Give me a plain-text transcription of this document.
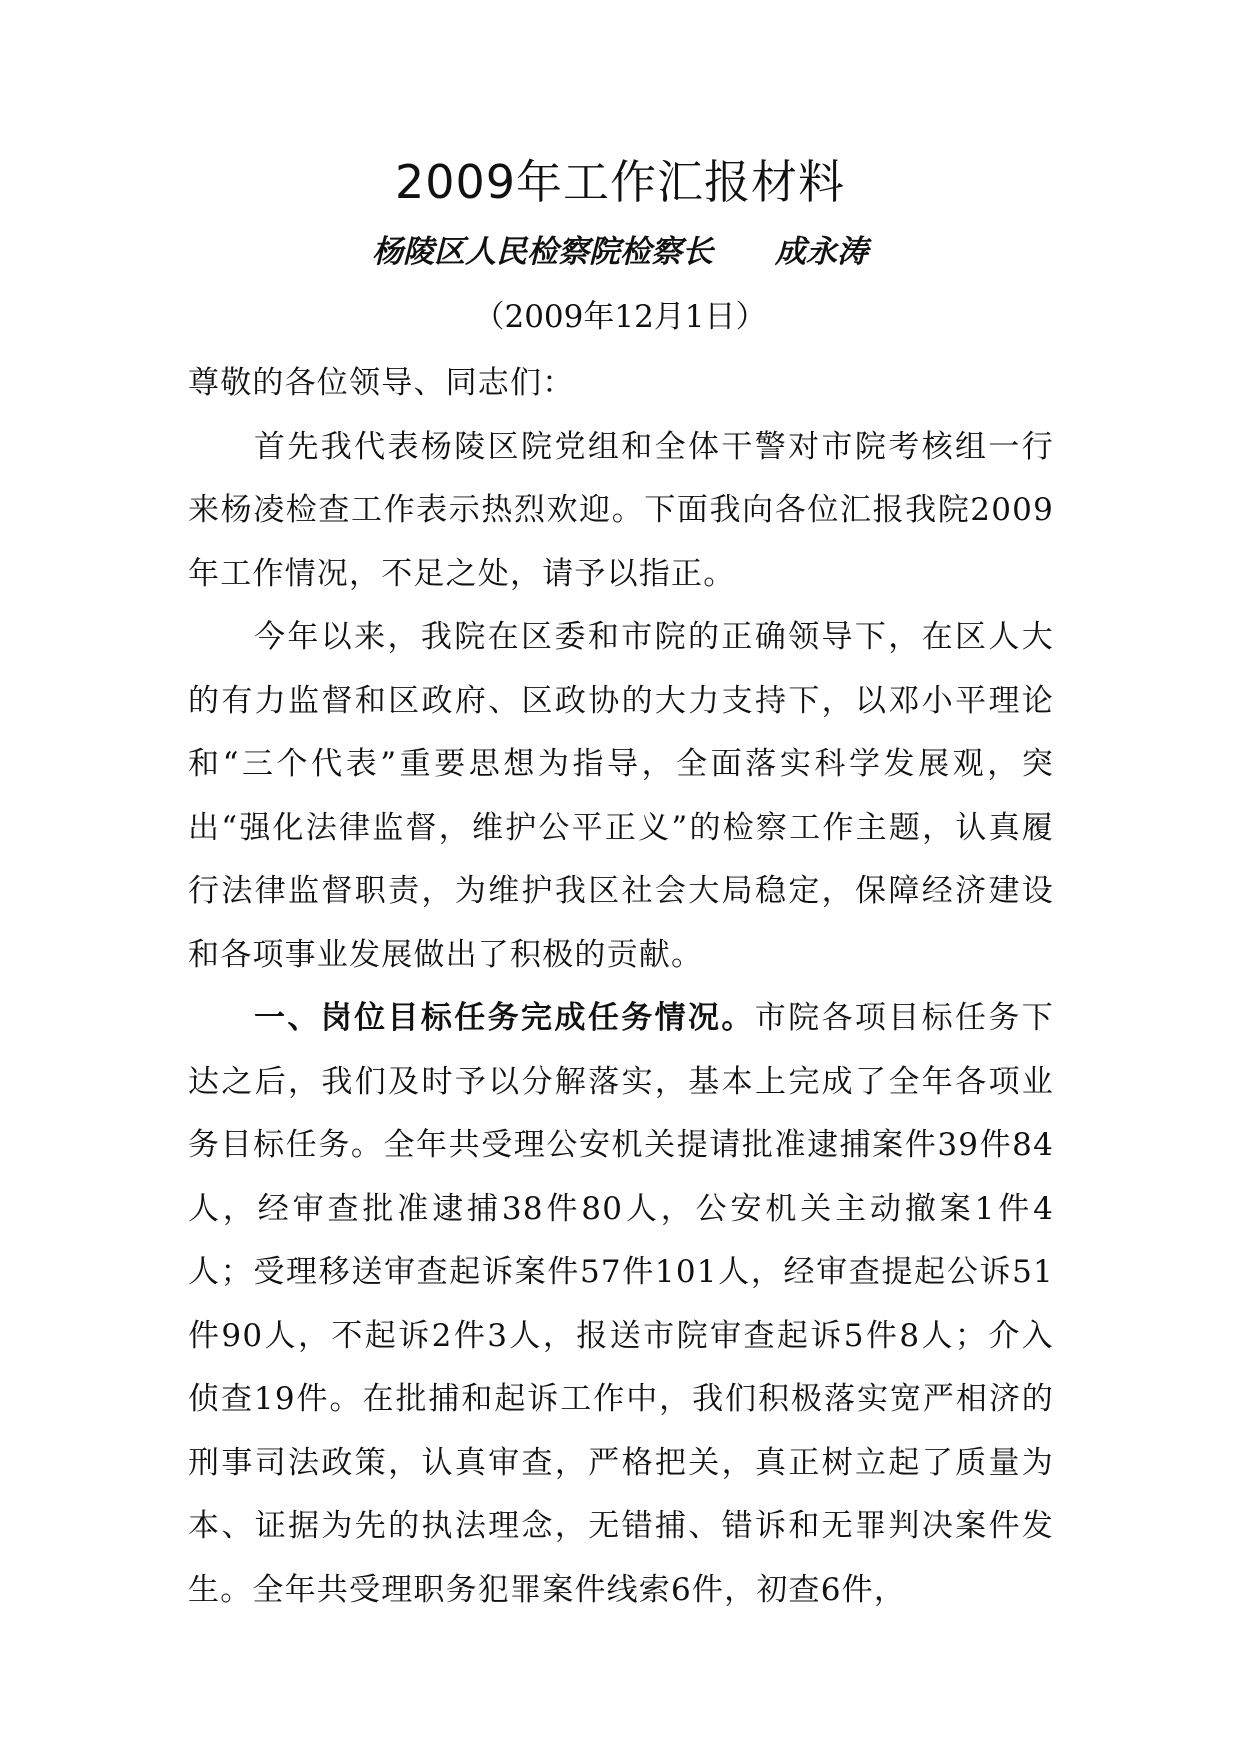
2009年工作汇报材料
杨陵区人民检察院检察长 成永涛
（2009年12月1日）

尊敬的各位领导、同志们：

首先我代表杨陵区院党组和全体干警对市院考核组一行来杨凌检查工作表示热烈欢迎。下面我向各位汇报我院2009年工作情况，不足之处，请予以指正。

今年以来，我院在区委和市院的正确领导下，在区人大的有力监督和区政府、区政协的大力支持下，以邓小平理论和“三个代表”重要思想为指导，全面落实科学发展观，突出“强化法律监督，维护公平正义”的检察工作主题，认真履行法律监督职责，为维护我区社会大局稳定，保障经济建设和各项事业发展做出了积极的贡献。

一、岗位目标任务完成任务情况。市院各项目标任务下达之后，我们及时予以分解落实，基本上完成了全年各项业务目标任务。全年共受理公安机关提请批准逮捕案件39件84人，经审查批准逮捕38件80人，公安机关主动撤案1件4人；受理移送审查起诉案件57件101人，经审查提起公诉51件90人，不起诉2件3人，报送市院审查起诉5件8人；介入侦查19件。在批捕和起诉工作中，我们积极落实宽严相济的刑事司法政策，认真审查，严格把关，真正树立起了质量为本、证据为先的执法理念，无错捕、错诉和无罪判决案件发生。全年共受理职务犯罪案件线索6件，初查6件，
